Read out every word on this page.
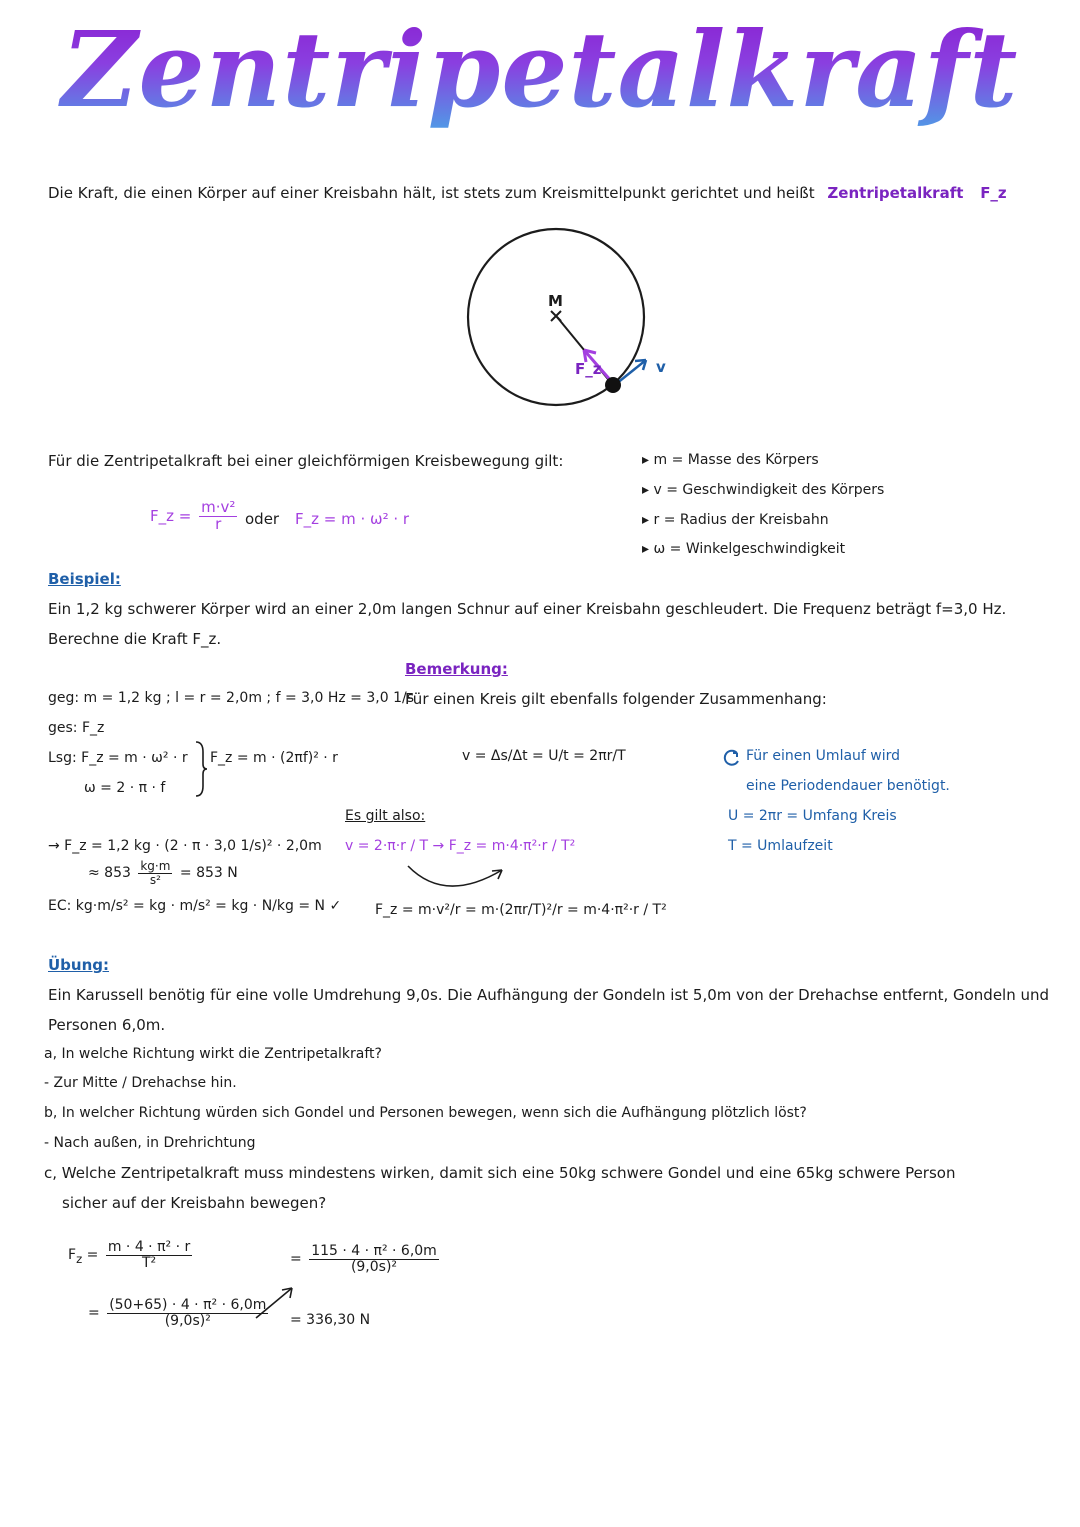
Zentripetalkraft
Die Kraft, die einen Körper auf einer Kreisbahn hält, ist stets zum Kreismittelpunkt gerichtet und heißt Zentripetalkraft F_z
M
F_z	v
Für die Zentripetalkraft bei einer gleichförmigen Kreisbewegung gilt:
F_z = $\frac{\text{m·v²}}{r}$ oder F_z = m · ω² · r
▸ m = Masse des Körpers
▸ v = Geschwindigkeit des Körpers
▸ r = Radius der Kreisbahn
▸ ω = Winkelgeschwindigkeit
Beispiel:
Ein 1,2 kg schwerer Körper wird an einer 2,0m langen Schnur auf einer Kreisbahn geschleudert. Die Frequenz beträgt f=3,0 Hz.
Berechne die Kraft F_z.
geg: m = 1,2 kg ; l = r = 2,0m ; f = 3,0 Hz = 3,0 1/s
ges: F_z
Lsg: F_z = m · ω² · r
ω = 2 · π · f
F_z = m · (2πf)² · r
→ F_z = 1,2 kg · (2 · π · 3,0 1/s)² · 2,0m
≈ $853 \frac{kg\cdot m}{\text{s²}} = 853$ N
EC: kg·m/s² = kg · m/s² = kg · N/kg = N ✓
Bemerkung:
Für einen Kreis gilt ebenfalls folgender Zusammenhang:
v = Δs/Δt = U/t = 2πr/T	Für einen Umlauf wird
eine Periodendauer benötigt.
U = 2πr = Umfang Kreis
T = Umlaufzeit
Es gilt also:
v = 2·π·r / T → F_z = m·4·π²·r / T²
F_z = m·v²/r = m·(2πr/T)²/r = m·4·π²·r / T²
Übung:
Ein Karussell benötig für eine volle Umdrehung 9,0s. Die Aufhängung der Gondeln ist 5,0m von der Drehachse entfernt, Gondeln und
Personen 6,0m.
a, In welche Richtung wirkt die Zentripetalkraft?
- Zur Mitte / Drehachse hin.
b, In welcher Richtung würden sich Gondel und Personen bewegen, wenn sich die Aufhängung plötzlich löst?
- Nach außen, in Drehrichtung
c, Welche Zentripetalkraft muss mindestens wirken, damit sich eine 50kg schwere Gondel und eine 65kg schwere Person
sicher auf der Kreisbahn bewegen?
$F_z = \frac{\text{m · 4 · π² · r}}{\text{T²}}$
= $\frac{\text{(50+65) · 4 · π² · 6,0m}}{\text{(9,0s)²}}$
= $\frac{\text{115 · 4 · π² · 6,0m}}{\text{(9,0s)²}}$
= 336,30 N
